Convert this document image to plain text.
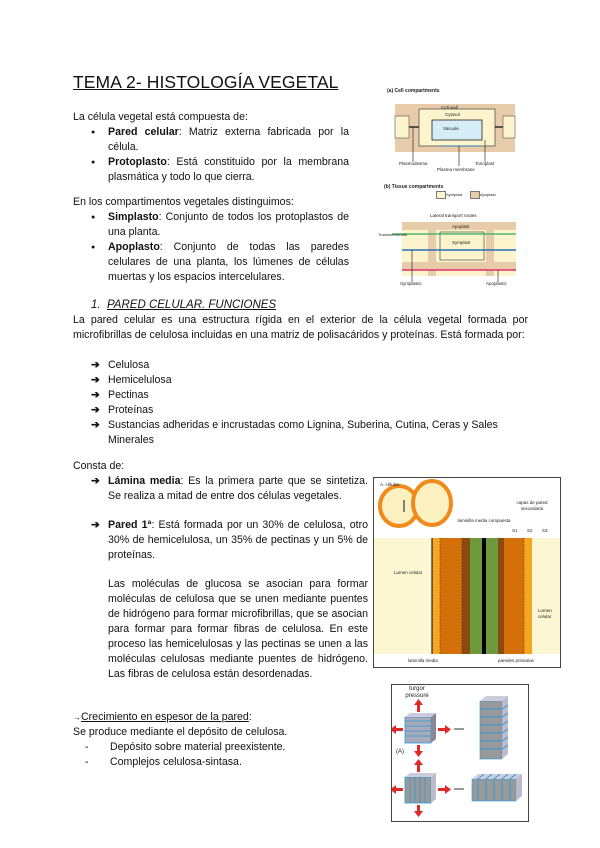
TEMA 2- HISTOLOGÍA VEGETAL

La célula vegetal está compuesta de:

● Pared celular: Matriz externa fabricada por la célula.
● Protoplasto: Está constituido por la membrana plasmática y todo lo que cierra.

En los compartimentos vegetales distinguimos:

● Simplasto: Conjunto de todos los protoplastos de una planta.
● Apoplasto: Conjunto de todas las paredes celulares de una planta, los lúmenes de células muertas y los espacios intercelulares.
1. PARED CELULAR. FUNCIONES
La pared celular es una estructura rígida en el exterior de la célula vegetal formada por microfibrillas de celulosa incluidas en una matriz de polisacáridos y proteínas. Está formada por:
➔ Celulosa
➔ Hemicelulosa
➔ Pectinas
➔ Proteínas
➔ Sustancias adheridas e incrustadas como Lignina, Suberina, Cutina, Ceras y Sales Minerales
Consta de:
➔ Lámina media: Es la primera parte que se sintetiza. Se realiza a mitad de entre dos células vegetales.
➔ Pared 1ª: Está formada por un 30% de celulosa, otro 30% de hemicelulosa, un 35% de pectinas y un 5% de proteínas.

Las moléculas de glucosa se asocian para formar moléculas de celulosa que se unen mediante puentes de hidrógeno para formar microfibrillas, que se asocian para formar para formar fibras de celulosa. En este proceso las hemicelulosas y las pectinas se unen a las moléculas celulosas mediante puentes de hidrógeno. Las fibras de celulosa están desordenadas.

→Crecimiento en espesor de la pared:

Se produce mediante el depósito de celulosa.

- Depósito sobre material preexistente.
- Complejos celulosa-sintasa.
(a) Cell compartments
Cell wall
Cytosol
Vacuole
Plasmodesma	Tonoplast
Plasma membrane
(b) Tissue compartments
Symplast	Apoplast
Lateral transport routes
Transmembrane
Apoplast
Symplast
Symplastic	Apoplastic
A. células
laminilla media compuesta
capas de pared secundaria
S1 S2 S3
Lumen celular
Lumen celular
laminilla media	paredes primarias
turgor pressure
(A)
